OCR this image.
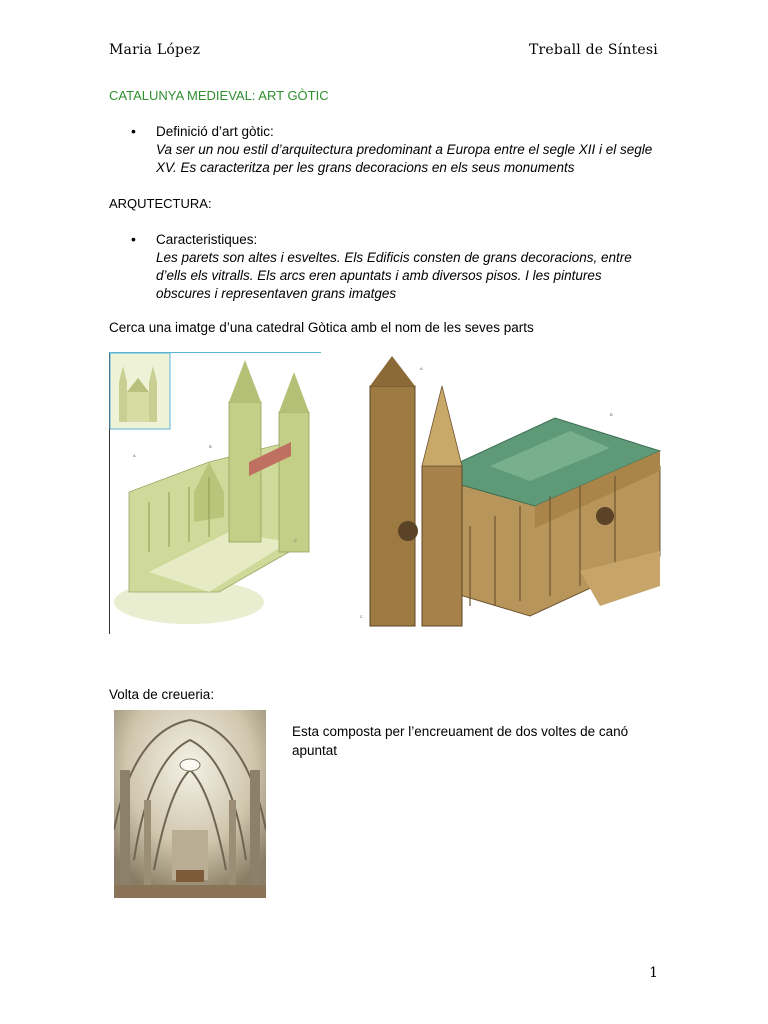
Maria López	Treball de Síntesi
CATALUNYA MEDIEVAL: ART GÒTIC
• Definició d’art gòtic:
Va ser un nou estil d’arquitectura predominant a Europa entre el segle XII i el segle XV. Es caracteritza per les grans decoracions en els seus monuments
ARQUTECTURA:
• Caracteristiques:
Les parets son altes i esveltes. Els Edificis consten de grans decoracions, entre d’ells els vitralls. Els arcs eren apuntats i amb diversos pisos. I les pintures obscures i representaven grans imatges
Cerca una imatge d’una catedral Gòtica amb el nom de les seves parts
A
B
C
A
B
C
Volta de creueria:
Esta composta per l’encreuament de dos voltes de canó apuntat
1
